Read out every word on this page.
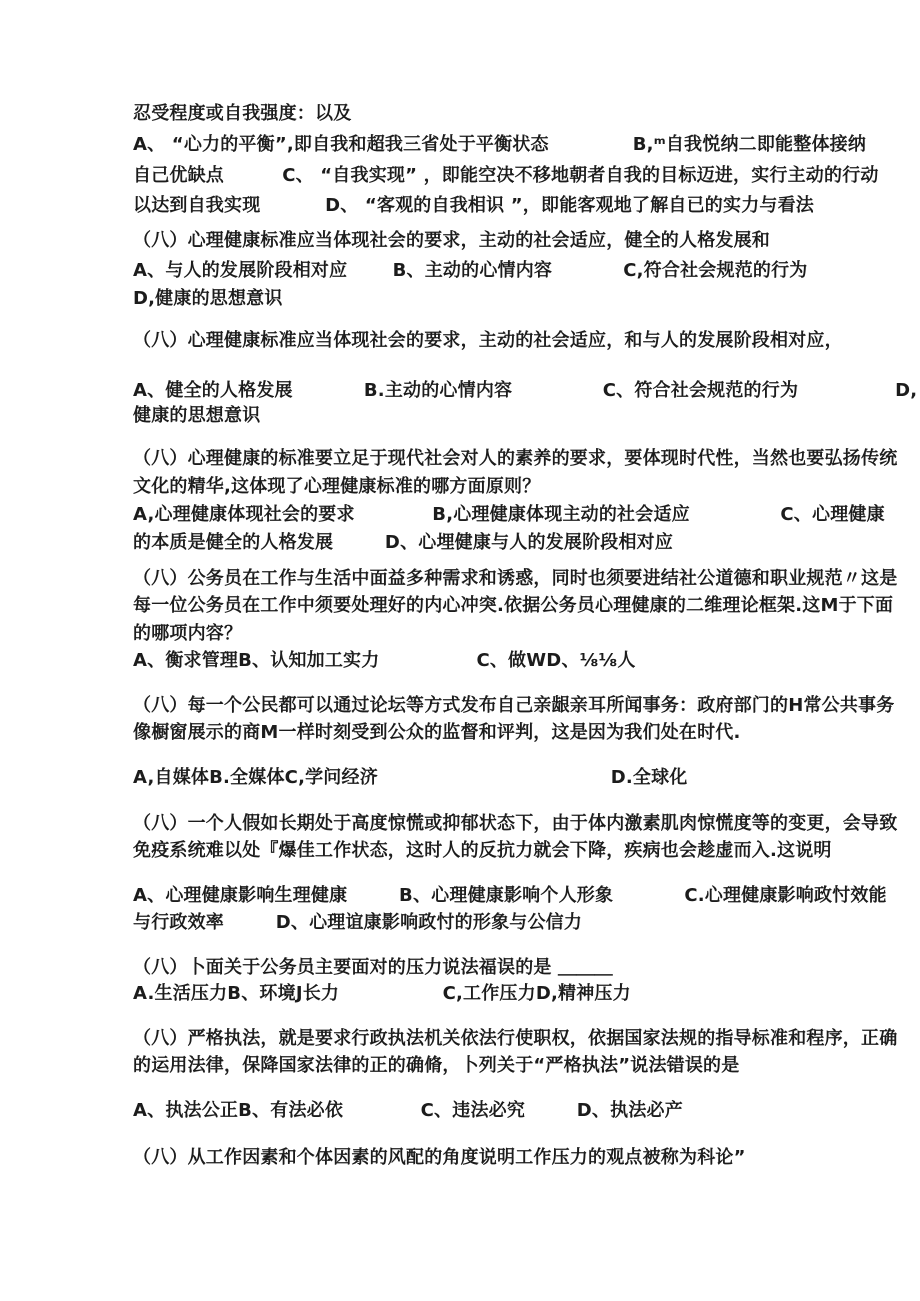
忍受程度或自我强度：以及
A、 “心力的平衡”,即自我和超我三省处于平衡状态             B,ᵐ自我悦纳二即能整体接纳
自己优缺点         C、 “自我实现” ，即能空决不移地朝者自我的目标迈进，实行主动的行动
以达到自我实现          D、 “客观的自我相识 ”，即能客观地了解自已的实力与看法
（八）心理健康标准应当体现社会的要求，主动的社会适应，健全的人格发展和
A、与人的发展阶段相对应       B、主动的心情内容           C,符合社会规范的行为
D,健康的思想意识
（八）心理健康标准应当体现社会的要求，主动的社会适应，和与人的发展阶段相对应，
A、健全的人格发展           B.主动的心情内容              C、符合社会规范的行为               D,
健康的思想意识
（八）心理健康的标准要立足于现代社会对人的素养的要求，要体现时代性，当然也要弘扬传统
文化的精华,这体现了心理健康标准的哪方面原则？
A,心理健康体现社会的要求            B,心理健康体现主动的社会适应              C、心理健康
的本质是健全的人格发展        D、心埋健康与人的发展阶段相对应
（八）公务员在工作与生活中面益多种需求和诱惑，同时也须要进结社公道德和职业规范〃这是
每一位公务员在工作中须要处理好的内心冲突.依据公务员心理健康的二维理论框架.这M于下面
的哪项内容？
A、衡求管理B、认知加工实力               C、做WD、⅛⅛人
（八）每一个公民都可以通过论坛等方式发布自己亲龈亲耳所闻事务：政府部门的H常公共事务
像橱窗展示的商M一样时刻受到公众的监督和评判，这是因为我们处在时代.
A,自媒体B.全媒体C,学问经济                                    D.全球化
（八）一个人假如长期处于高度惊慌或抑郁状态下，由于体内激素肌肉惊慌度等的变更，会导致
免疫系统难以处『爆佳工作状态，这时人的反抗力就会下降，疾病也会趁虚而入.这说明
A、心理健康影响生理健康        B、心理健康影响个人形象           C.心理健康影响政忖效能
与行政效率        D、心理谊康影响政忖的形象与公信力
（八）卜面关于公务员主要面对的压力说法福误的是 ＿＿＿
A.生活压力B、环境J长力                C,工作压力D,精神压力
（八）严格执法，就是要求行政执法机关依法行使职权，依据国家法规的指导标准和程序，正确
的运用法律，保降国家法律的正的确脩，卜列关于“严格执法”说法错误的是
A、执法公正B、有法必依            C、违法必究        D、执法必产
（八）从工作因素和个体因素的风配的角度说明工作压力的观点被称为科论”
